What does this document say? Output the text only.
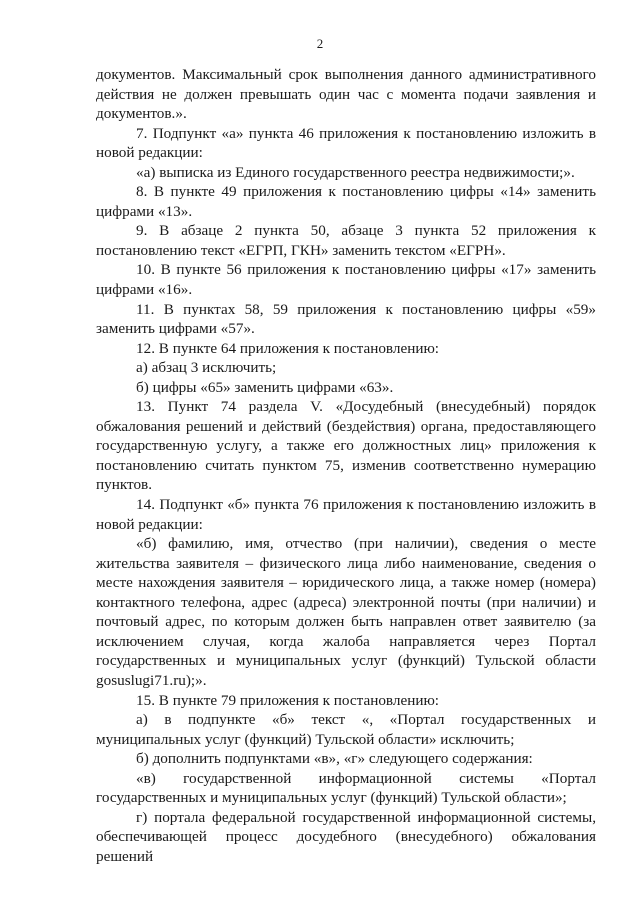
2

документов. Максимальный срок выполнения данного административного действия не должен превышать один час с момента подачи заявления и документов.».

7. Подпункт «а» пункта 46 приложения к постановлению изложить в новой редакции:

«а) выписка из Единого государственного реестра недвижимости;».

8. В пункте 49 приложения к постановлению цифры «14» заменить цифрами «13».

9. В абзаце 2 пункта 50, абзаце 3 пункта 52 приложения к постановлению текст «ЕГРП, ГКН» заменить текстом «ЕГРН».

10. В пункте 56 приложения к постановлению цифры «17» заменить цифрами «16».

11. В пунктах 58, 59 приложения к постановлению цифры «59» заменить цифрами «57».

12. В пункте 64 приложения к постановлению:

а) абзац 3 исключить;

б) цифры «65» заменить цифрами «63».

13. Пункт 74 раздела V. «Досудебный (внесудебный) порядок обжалования решений и действий (бездействия) органа, предоставляющего государственную услугу, а также его должностных лиц» приложения к постановлению считать пунктом 75, изменив соответственно нумерацию пунктов.

14. Подпункт «б» пункта 76 приложения к постановлению изложить в новой редакции:

«б) фамилию, имя, отчество (при наличии), сведения о месте жительства заявителя – физического лица либо наименование, сведения о месте нахождения заявителя – юридического лица, а также номер (номера) контактного телефона, адрес (адреса) электронной почты (при наличии) и почтовый адрес, по которым должен быть направлен ответ заявителю (за исключением случая, когда жалоба направляется через Портал государственных и муниципальных услуг (функций) Тульской области gosuslugi71.ru);».

15. В пункте 79 приложения к постановлению:

а) в подпункте «б» текст «, «Портал государственных и муниципальных услуг (функций) Тульской области» исключить;

б) дополнить подпунктами «в», «г» следующего содержания:

«в) государственной информационной системы «Портал государственных и муниципальных услуг (функций) Тульской области»;

г) портала федеральной государственной информационной системы, обеспечивающей процесс досудебного (внесудебного) обжалования решений
